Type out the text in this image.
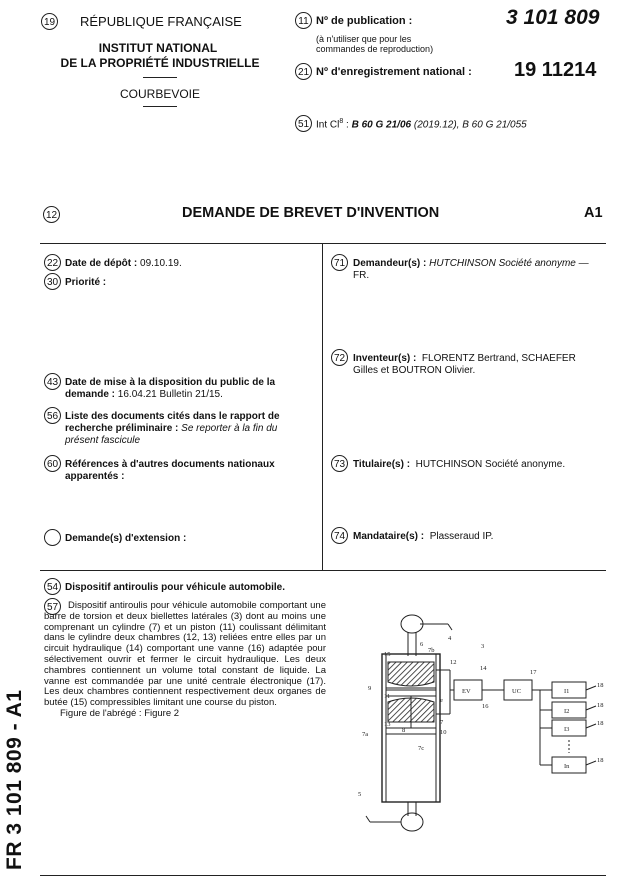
19 RÉPUBLIQUE FRANÇAISE
INSTITUT NATIONAL
DE LA PROPRIÉTÉ INDUSTRIELLE
COURBEVOIE
11 Nº de publication :	3 101 809
(à n'utiliser que pour les
commandes de reproduction)
21 Nº d'enregistrement national : 19 11214
51 Int Cl$^8$ : B 60 G 21/06 (2019.12), B 60 G 21/055
12	DEMANDE DE BREVET D'INVENTION	A1
22 Date de dépôt : 09.10.19.
30 Priorité :
43 Date de mise à la disposition du public de la
demande : 16.04.21 Bulletin 21/15.
56 Liste des documents cités dans le rapport de
recherche préliminaire : Se reporter à la fin du
présent fascicule
60 Références à d'autres documents nationaux
apparentés :
Demande(s) d'extension :
71 Demandeur(s) : HUTCHINSON Société anonyme —
FR.
72 Inventeur(s) : FLORENTZ Bertrand, SCHAEFER
Gilles et BOUTRON Olivier.
73 Titulaire(s) : HUTCHINSON Société anonyme.
74 Mandataire(s) : Plasseraud IP.
54 Dispositif antiroulis pour véhicule automobile.
57	Dispositif antiroulis pour véhicule automobile comportant une barre de torsion et deux biellettes latérales (3) dont au moins une comprenant un cylindre (7) et un piston (11) coulissant délimitant dans le cylindre deux chambres (12, 13) reliées entre elles par un circuit hydraulique (14) comportant une vanne (16) adaptée pour sélectivement ouvrir et fermer le circuit hydraulique. Les deux chambres contiennent un volume total constant de liquide. La vanne est commandée par une unité centrale électronique (17). Les deux chambres contiennent respectivement deux organes de butée (15) compressibles limitant une course du piston.
Figure de l'abrégé : Figure 2
4
3
6
7b
12
14
15
9
11
13
EV
16
UC
17
I1
I2
I3
In
18
18
18
18
8
7a
7
10
7c
e
5
FR 3 101 809 - A1
